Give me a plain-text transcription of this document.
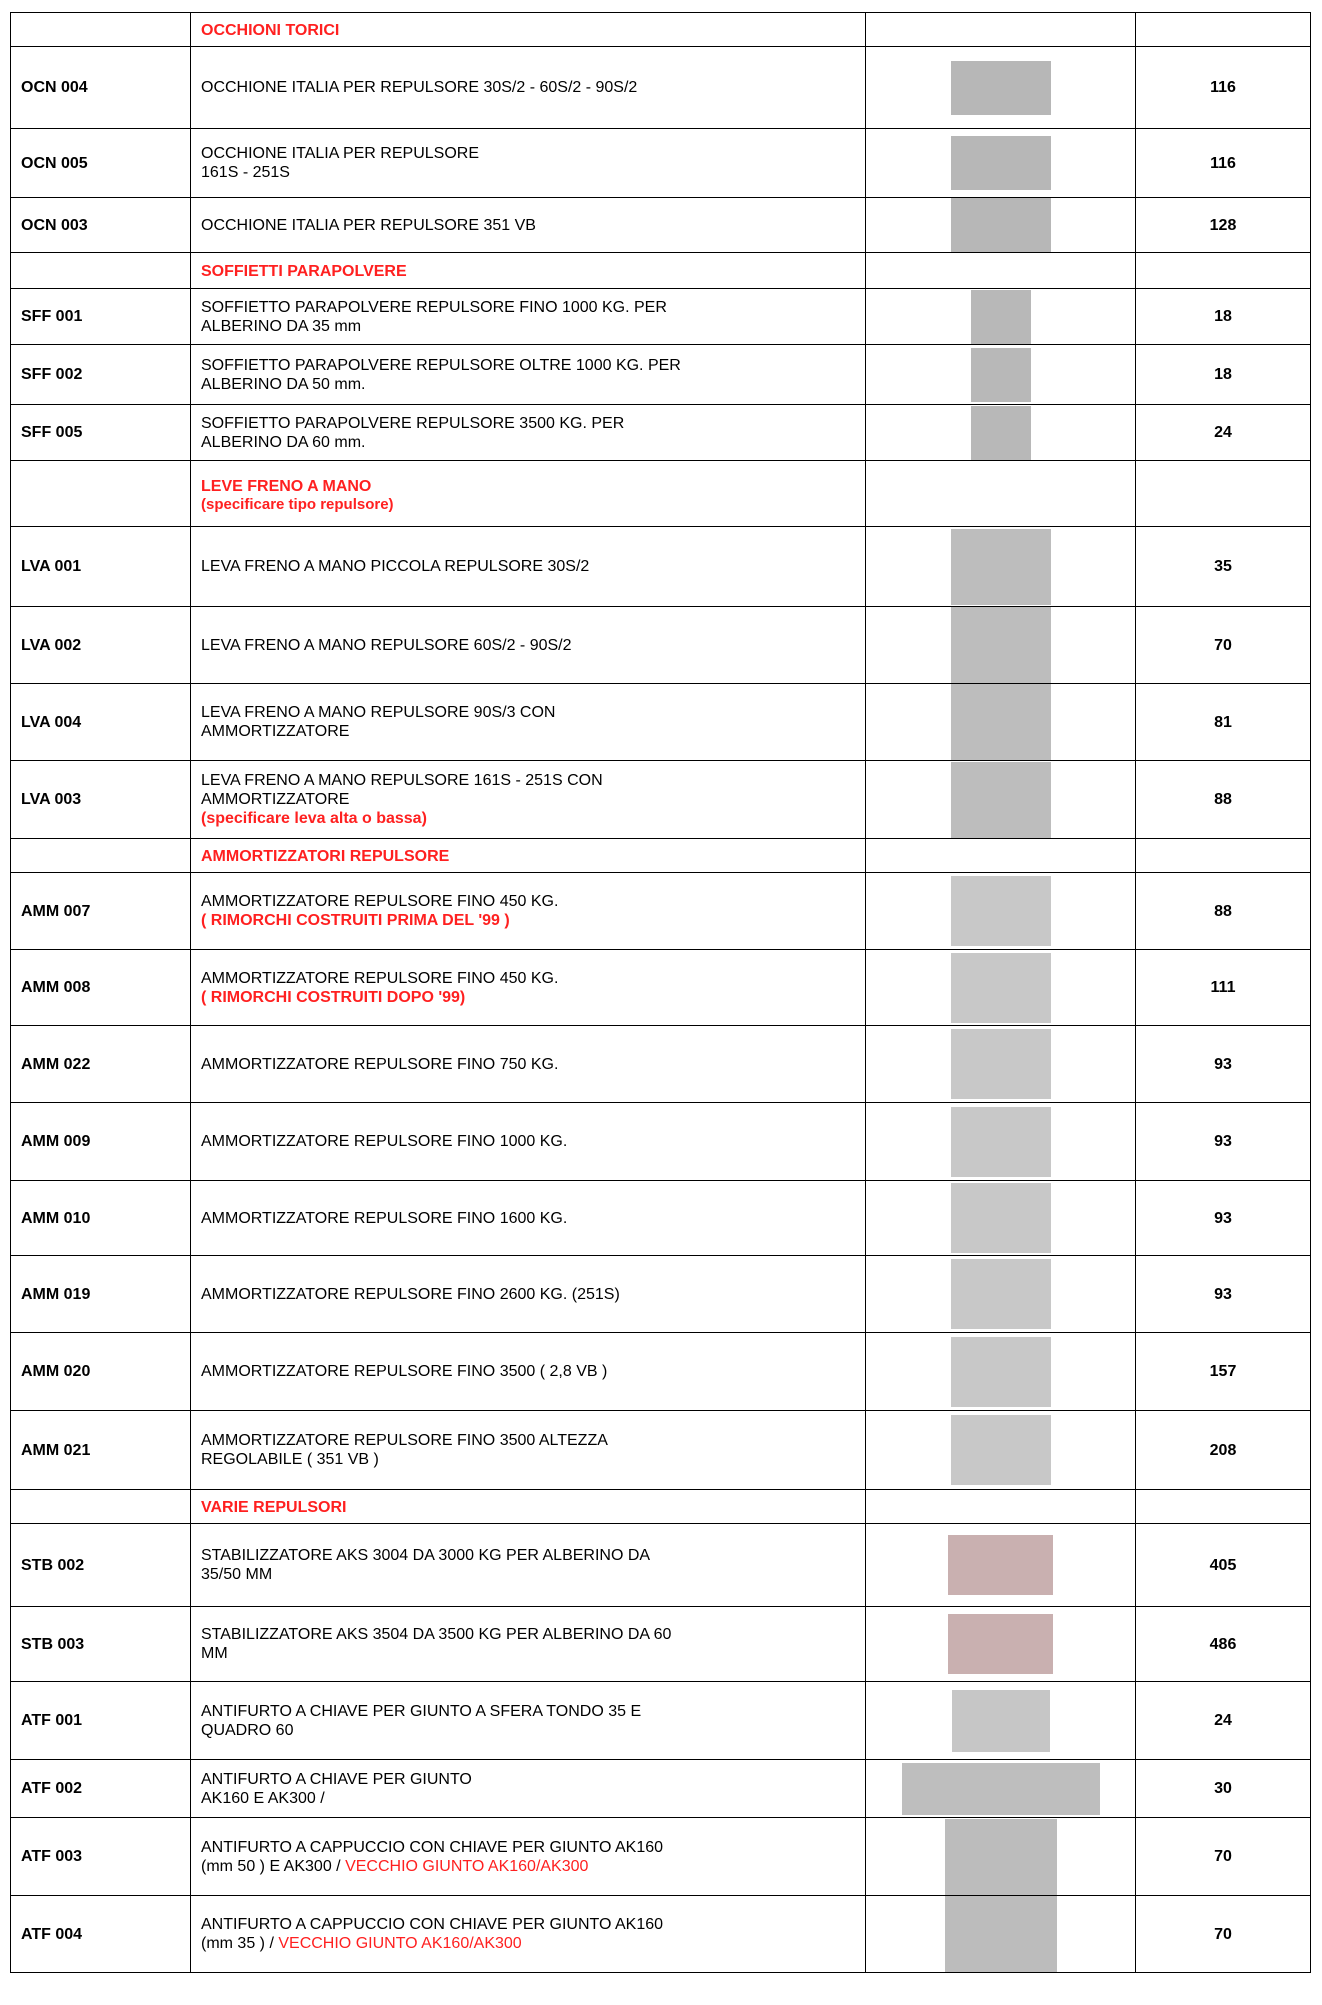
	OCCHIONI TORICI		
OCN 004	OCCHIONE ITALIA PER REPULSORE 30S/2 - 60S/2 - 90S/2		116
OCN 005	OCCHIONE ITALIA PER REPULSORE
161S - 251S		116
OCN 003	OCCHIONE ITALIA PER REPULSORE 351 VB		128
	SOFFIETTI PARAPOLVERE		
SFF 001	SOFFIETTO PARAPOLVERE REPULSORE FINO 1000 KG. PER
ALBERINO DA 35 mm		18
SFF 002	SOFFIETTO PARAPOLVERE REPULSORE OLTRE 1000 KG. PER
ALBERINO DA 50 mm.		18
SFF 005	SOFFIETTO PARAPOLVERE REPULSORE 3500 KG. PER
ALBERINO DA 60 mm.		24
	LEVE FRENO A MANO
(specificare tipo repulsore)		

LVA 001	LEVA FRENO A MANO PICCOLA REPULSORE 30S/2		35
LVA 002	LEVA FRENO A MANO REPULSORE 60S/2 - 90S/2		70
LVA 004	LEVA FRENO A MANO REPULSORE 90S/3 CON
AMMORTIZZATORE		81
LVA 003	LEVA FRENO A MANO REPULSORE 161S - 251S CON
AMMORTIZZATORE
(specificare leva alta o bassa)		88
	AMMORTIZZATORI REPULSORE		
AMM 007	AMMORTIZZATORE REPULSORE FINO 450 KG.
( RIMORCHI COSTRUITI PRIMA DEL '99 )		88
AMM 008	AMMORTIZZATORE REPULSORE FINO 450 KG.
( RIMORCHI COSTRUITI DOPO '99)		111
AMM 022	AMMORTIZZATORE REPULSORE FINO 750 KG.		93
AMM 009	AMMORTIZZATORE REPULSORE FINO 1000 KG.		93
AMM 010	AMMORTIZZATORE REPULSORE FINO 1600 KG.		93
AMM 019	AMMORTIZZATORE REPULSORE FINO 2600 KG. (251S)		93
AMM 020	AMMORTIZZATORE REPULSORE FINO 3500 ( 2,8 VB )		157
AMM 021	AMMORTIZZATORE REPULSORE FINO 3500 ALTEZZA
REGOLABILE ( 351 VB )		208
	VARIE REPULSORI		
STB 002	STABILIZZATORE AKS 3004 DA 3000 KG PER ALBERINO DA
35/50 MM		405
STB 003	STABILIZZATORE AKS 3504 DA 3500 KG PER ALBERINO DA 60
MM		486
ATF 001	ANTIFURTO A CHIAVE PER GIUNTO A SFERA TONDO 35 E
QUADRO 60		24
ATF 002	ANTIFURTO A CHIAVE PER GIUNTO
AK160 E AK300 /		30
ATF 003	ANTIFURTO A CAPPUCCIO CON CHIAVE PER GIUNTO AK160
(mm 50 ) E AK300 / VECCHIO GIUNTO AK160/AK300		70
ATF 004	ANTIFURTO A CAPPUCCIO CON CHIAVE PER GIUNTO AK160
(mm 35 ) / VECCHIO GIUNTO AK160/AK300		70
